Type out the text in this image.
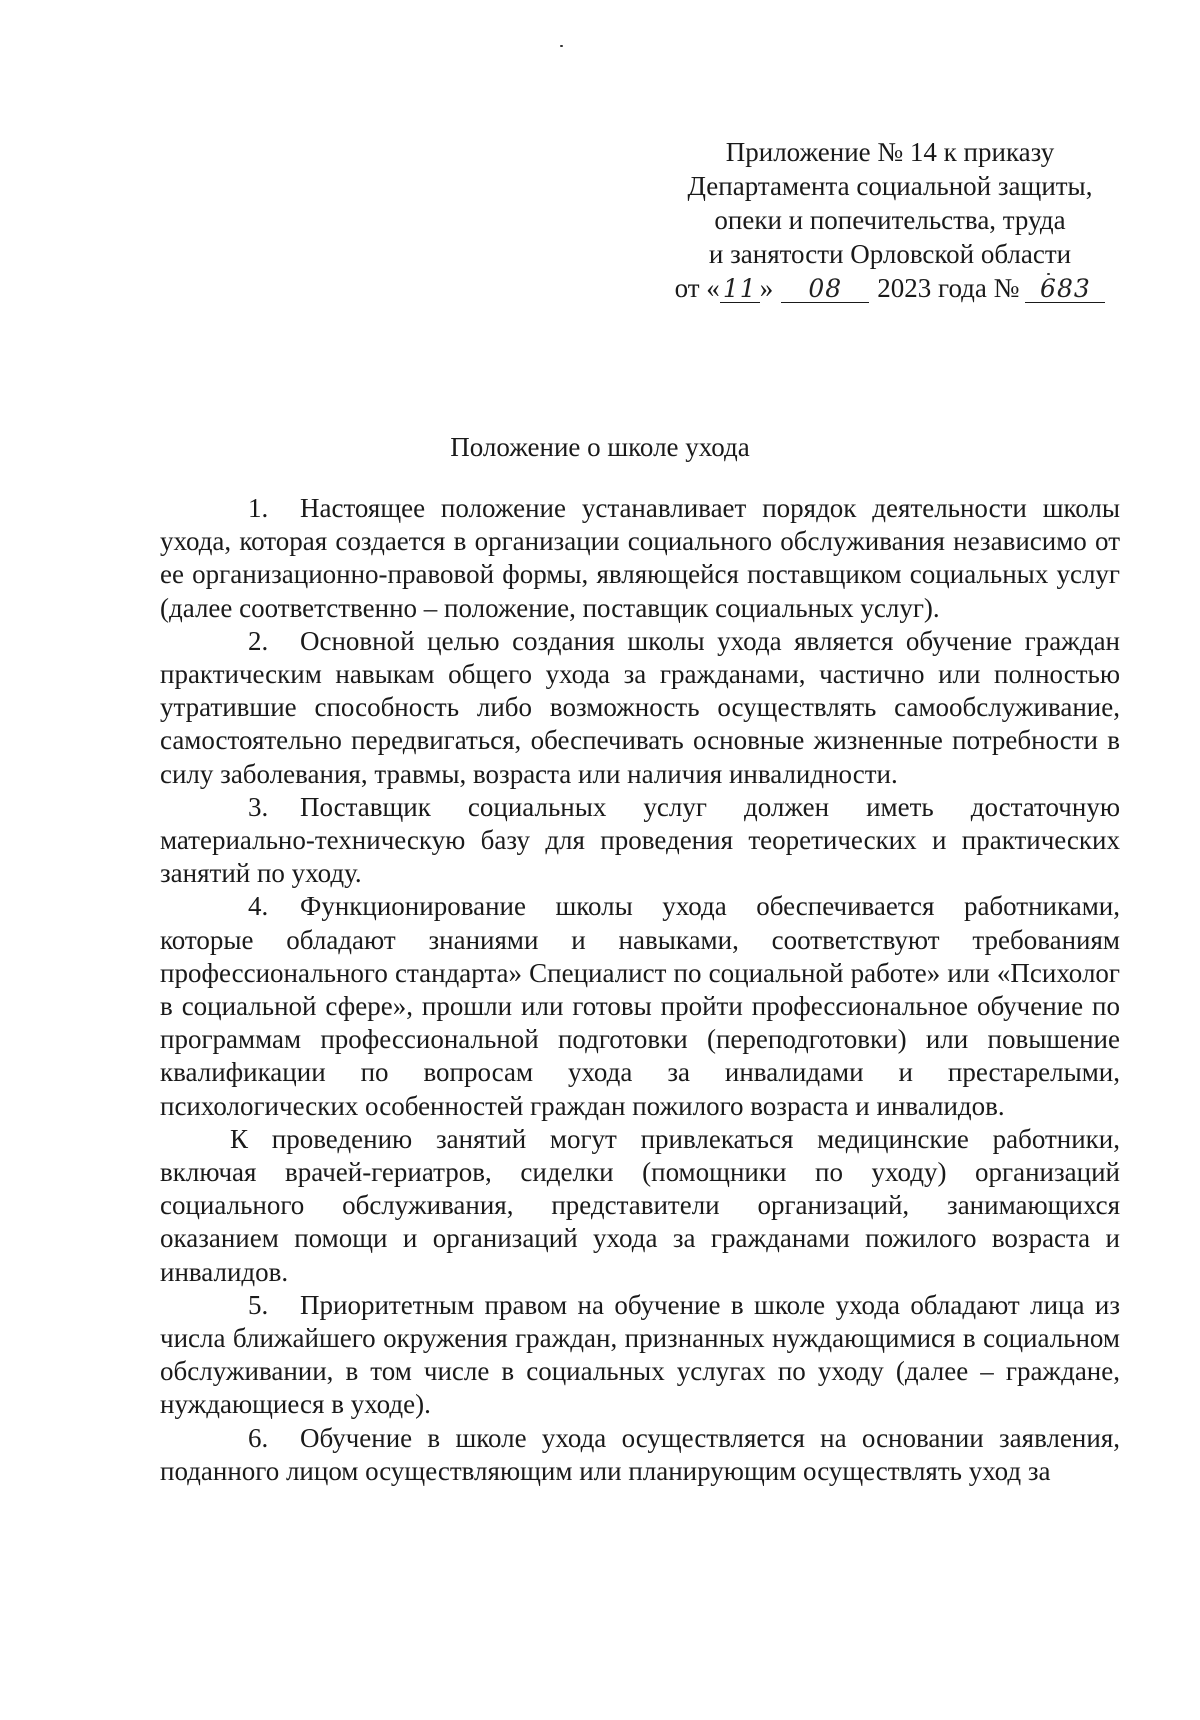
Приложение № 14 к приказу
Департамента социальной защиты,
опеки и попечительства, труда
и занятости Орловской области
от « 11 » 08 2023 года № 683
Положение о школе ухода

1. Настоящее положение устанавливает порядок деятельности школы ухода, которая создается в организации социального обслуживания независимо от ее организационно-правовой формы, являющейся поставщиком социальных услуг (далее соответственно – положение, поставщик социальных услуг).

2. Основной целью создания школы ухода является обучение граждан практическим навыкам общего ухода за гражданами, частично или полностью утратившие способность либо возможность осуществлять самообслуживание, самостоятельно передвигаться, обеспечивать основные жизненные потребности в силу заболевания, травмы, возраста или наличия инвалидности.

3. Поставщик социальных услуг должен иметь достаточную материально-техническую базу для проведения теоретических и практических занятий по уходу.

4. Функционирование школы ухода обеспечивается работниками, которые обладают знаниями и навыками, соответствуют требованиям профессионального стандарта» Специалист по социальной работе» или «Психолог в социальной сфере», прошли или готовы пройти профессиональное обучение по программам профессиональной подготовки (переподготовки) или повышение квалификации по вопросам ухода за инвалидами и престарелыми, психологических особенностей граждан пожилого возраста и инвалидов.

К проведению занятий могут привлекаться медицинские работники, включая врачей-гериатров, сиделки (помощники по уходу) организаций социального обслуживания, представители организаций, занимающихся оказанием помощи и организаций ухода за гражданами пожилого возраста и инвалидов.

5. Приоритетным правом на обучение в школе ухода обладают лица из числа ближайшего окружения граждан, признанных нуждающимися в социальном обслуживании, в том числе в социальных услугах по уходу (далее – граждане, нуждающиеся в уходе).

6. Обучение в школе ухода осуществляется на основании заявления, поданного лицом осуществляющим или планирующим осуществлять уход за
